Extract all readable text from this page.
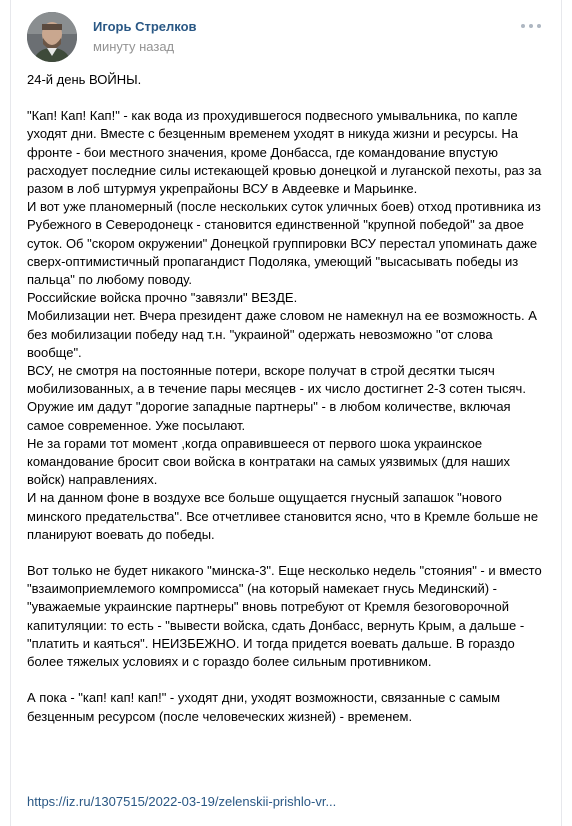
Игорь Стрелков
минуту назад

24-й день ВОЙНЫ.

"Кап! Кап! Кап!" - как вода из прохудившегося подвесного умывальника, по капле уходят дни. Вместе с безценным временем уходят в никуда жизни и ресурсы. На фронте - бои местного значения, кроме Донбасса, где командование впустую расходует последние силы истекающей кровью донецкой и луганской пехоты, раз за разом в лоб штурмуя укрепрайоны ВСУ в Авдеевке и Марьинке.
И вот уже планомерный (после нескольких суток уличных боев) отход противника из Рубежного в Северодонецк - становится единственной "крупной победой" за двое суток. Об "скором окружении" Донецкой группировки ВСУ перестал упоминать даже сверх-оптимистичный пропагандист Подоляка, умеющий "высасывать победы из пальца" по любому поводу.
Российские войска прочно "завязли" ВЕЗДЕ.
Мобилизации нет. Вчера президент даже словом не намекнул на ее возможность. А без мобилизации победу над т.н. "украиной" одержать невозможно "от слова вообще".
ВСУ, не смотря на постоянные потери, вскоре получат в строй десятки тысяч мобилизованных, а в течение пары месяцев - их число достигнет 2-3 сотен тысяч. Оружие им дадут "дорогие западные партнеры" - в любом количестве, включая самое современное. Уже посылают.
Не за горами тот момент ,когда оправившееся от первого шока украинское командование бросит свои войска в контратаки на самых уязвимых (для наших войск) направлениях.
И на данном фоне в воздухе все больше ощущается гнусный запашок "нового минского предательства". Все отчетливее становится ясно, что в Кремле больше не планируют воевать до победы.

Вот только не будет никакого "минска-3". Еще несколько недель "стояния" - и вместо "взаимоприемлемого компромисса" (на который намекает гнусь Мединский) - "уважаемые украинские партнеры" вновь потребуют от Кремля безоговорочной капитуляции: то есть - "вывести войска, сдать Донбасс, вернуть Крым, а дальше - "платить и каяться". НЕИЗБЕЖНО. И тогда придется воевать дальше. В гораздо более тяжелых условиях и с гораздо более сильным противником.

А пока - "кап! кап! кап!" - уходят дни, уходят возможности, связанные с самым безценным ресурсом (после человеческих жизней) - временем.

https://iz.ru/1307515/2022-03-19/zelenskii-prishlo-vr...
